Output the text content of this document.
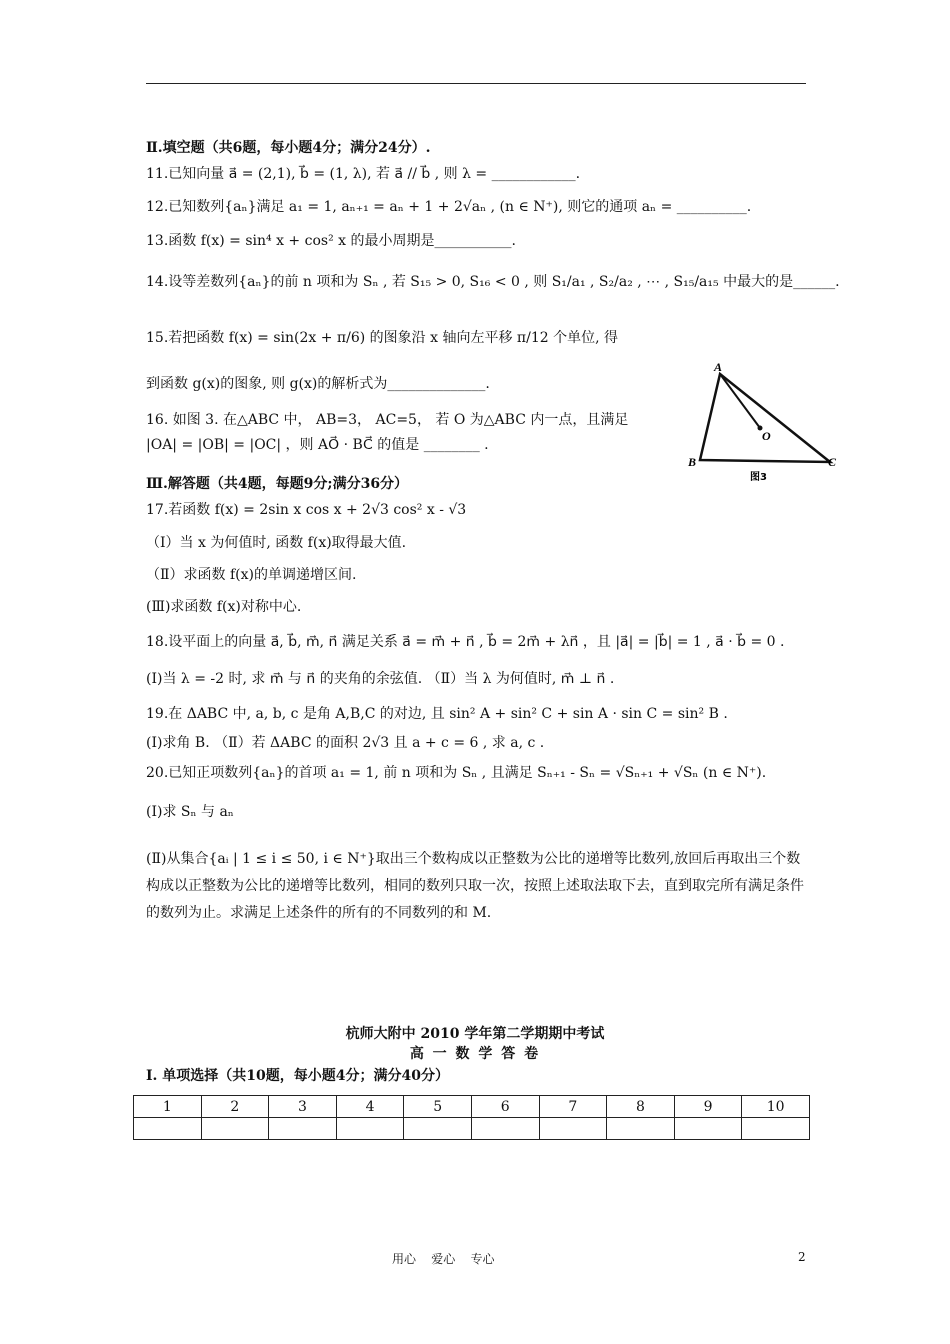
Ⅱ.填空题（共6题，每小题4分；满分24分）.
11.已知向量 a⃗ = (2,1), b⃗ = (1, λ), 若 a⃗ // b⃗ , 则 λ = ____________.
12.已知数列{aₙ}满足 a₁ = 1, aₙ₊₁ = aₙ + 1 + 2√aₙ , (n ∈ N⁺), 则它的通项 aₙ = __________.
13.函数 f(x) = sin⁴ x + cos² x 的最小周期是___________.
14.设等差数列{aₙ}的前 n 项和为 Sₙ , 若 S₁₅ > 0, S₁₆ < 0 , 则 S₁/a₁ , S₂/a₂ , ⋯ , S₁₅/a₁₅ 中最大的是______.
15.若把函数 f(x) = sin(2x + π/6) 的图象沿 x 轴向左平移 π/12 个单位, 得
到函数 g(x)的图象, 则 g(x)的解析式为______________.
16. 如图 3. 在△ABC 中， AB=3， AC=5， 若 O 为△ABC 内一点，且满足
|OA| = |OB| = |OC| ，则 AO⃗ · BC⃗ 的值是 ________ .
A
B	C
O
图3
Ⅲ.解答题（共4题，每题9分;满分36分）
17.若函数 f(x) = 2sin x cos x + 2√3 cos² x - √3
（Ⅰ）当 x 为何值时, 函数 f(x)取得最大值.
（Ⅱ）求函数 f(x)的单调递增区间.
(Ⅲ)求函数 f(x)对称中心.
18.设平面上的向量 a⃗, b⃗, m⃗, n⃗ 满足关系 a⃗ = m⃗ + n⃗ , b⃗ = 2m⃗ + λn⃗ ，且 |a⃗| = |b⃗| = 1 , a⃗ · b⃗ = 0 .
(Ⅰ)当 λ = -2 时, 求 m⃗ 与 n⃗ 的夹角的余弦值. （Ⅱ）当 λ 为何值时, m⃗ ⊥ n⃗ .
19.在 ΔABC 中, a, b, c 是角 A,B,C 的对边, 且 sin² A + sin² C + sin A · sin C = sin² B .
(Ⅰ)求角 B. （Ⅱ）若 ΔABC 的面积 2√3 且 a + c = 6 , 求 a, c .
20.已知正项数列{aₙ}的首项 a₁ = 1, 前 n 项和为 Sₙ , 且满足 Sₙ₊₁ - Sₙ = √Sₙ₊₁ + √Sₙ (n ∈ N⁺).
(Ⅰ)求 Sₙ 与 aₙ
(Ⅱ)从集合{aᵢ | 1 ≤ i ≤ 50, i ∈ N⁺}取出三个数构成以正整数为公比的递增等比数列,放回后再取出三个数构成以正整数为公比的递增等比数列，相同的数列只取一次，按照上述取法取下去，直到取完所有满足条件的数列为止。求满足上述条件的所有的不同数列的和 M.
杭师大附中 2010 学年第二学期期中考试
高 一 数 学 答 卷
I. 单项选择（共10题，每小题4分；满分40分）
1	2	3	4	5	6	7	8	9	10

用心    爱心    专心	2
